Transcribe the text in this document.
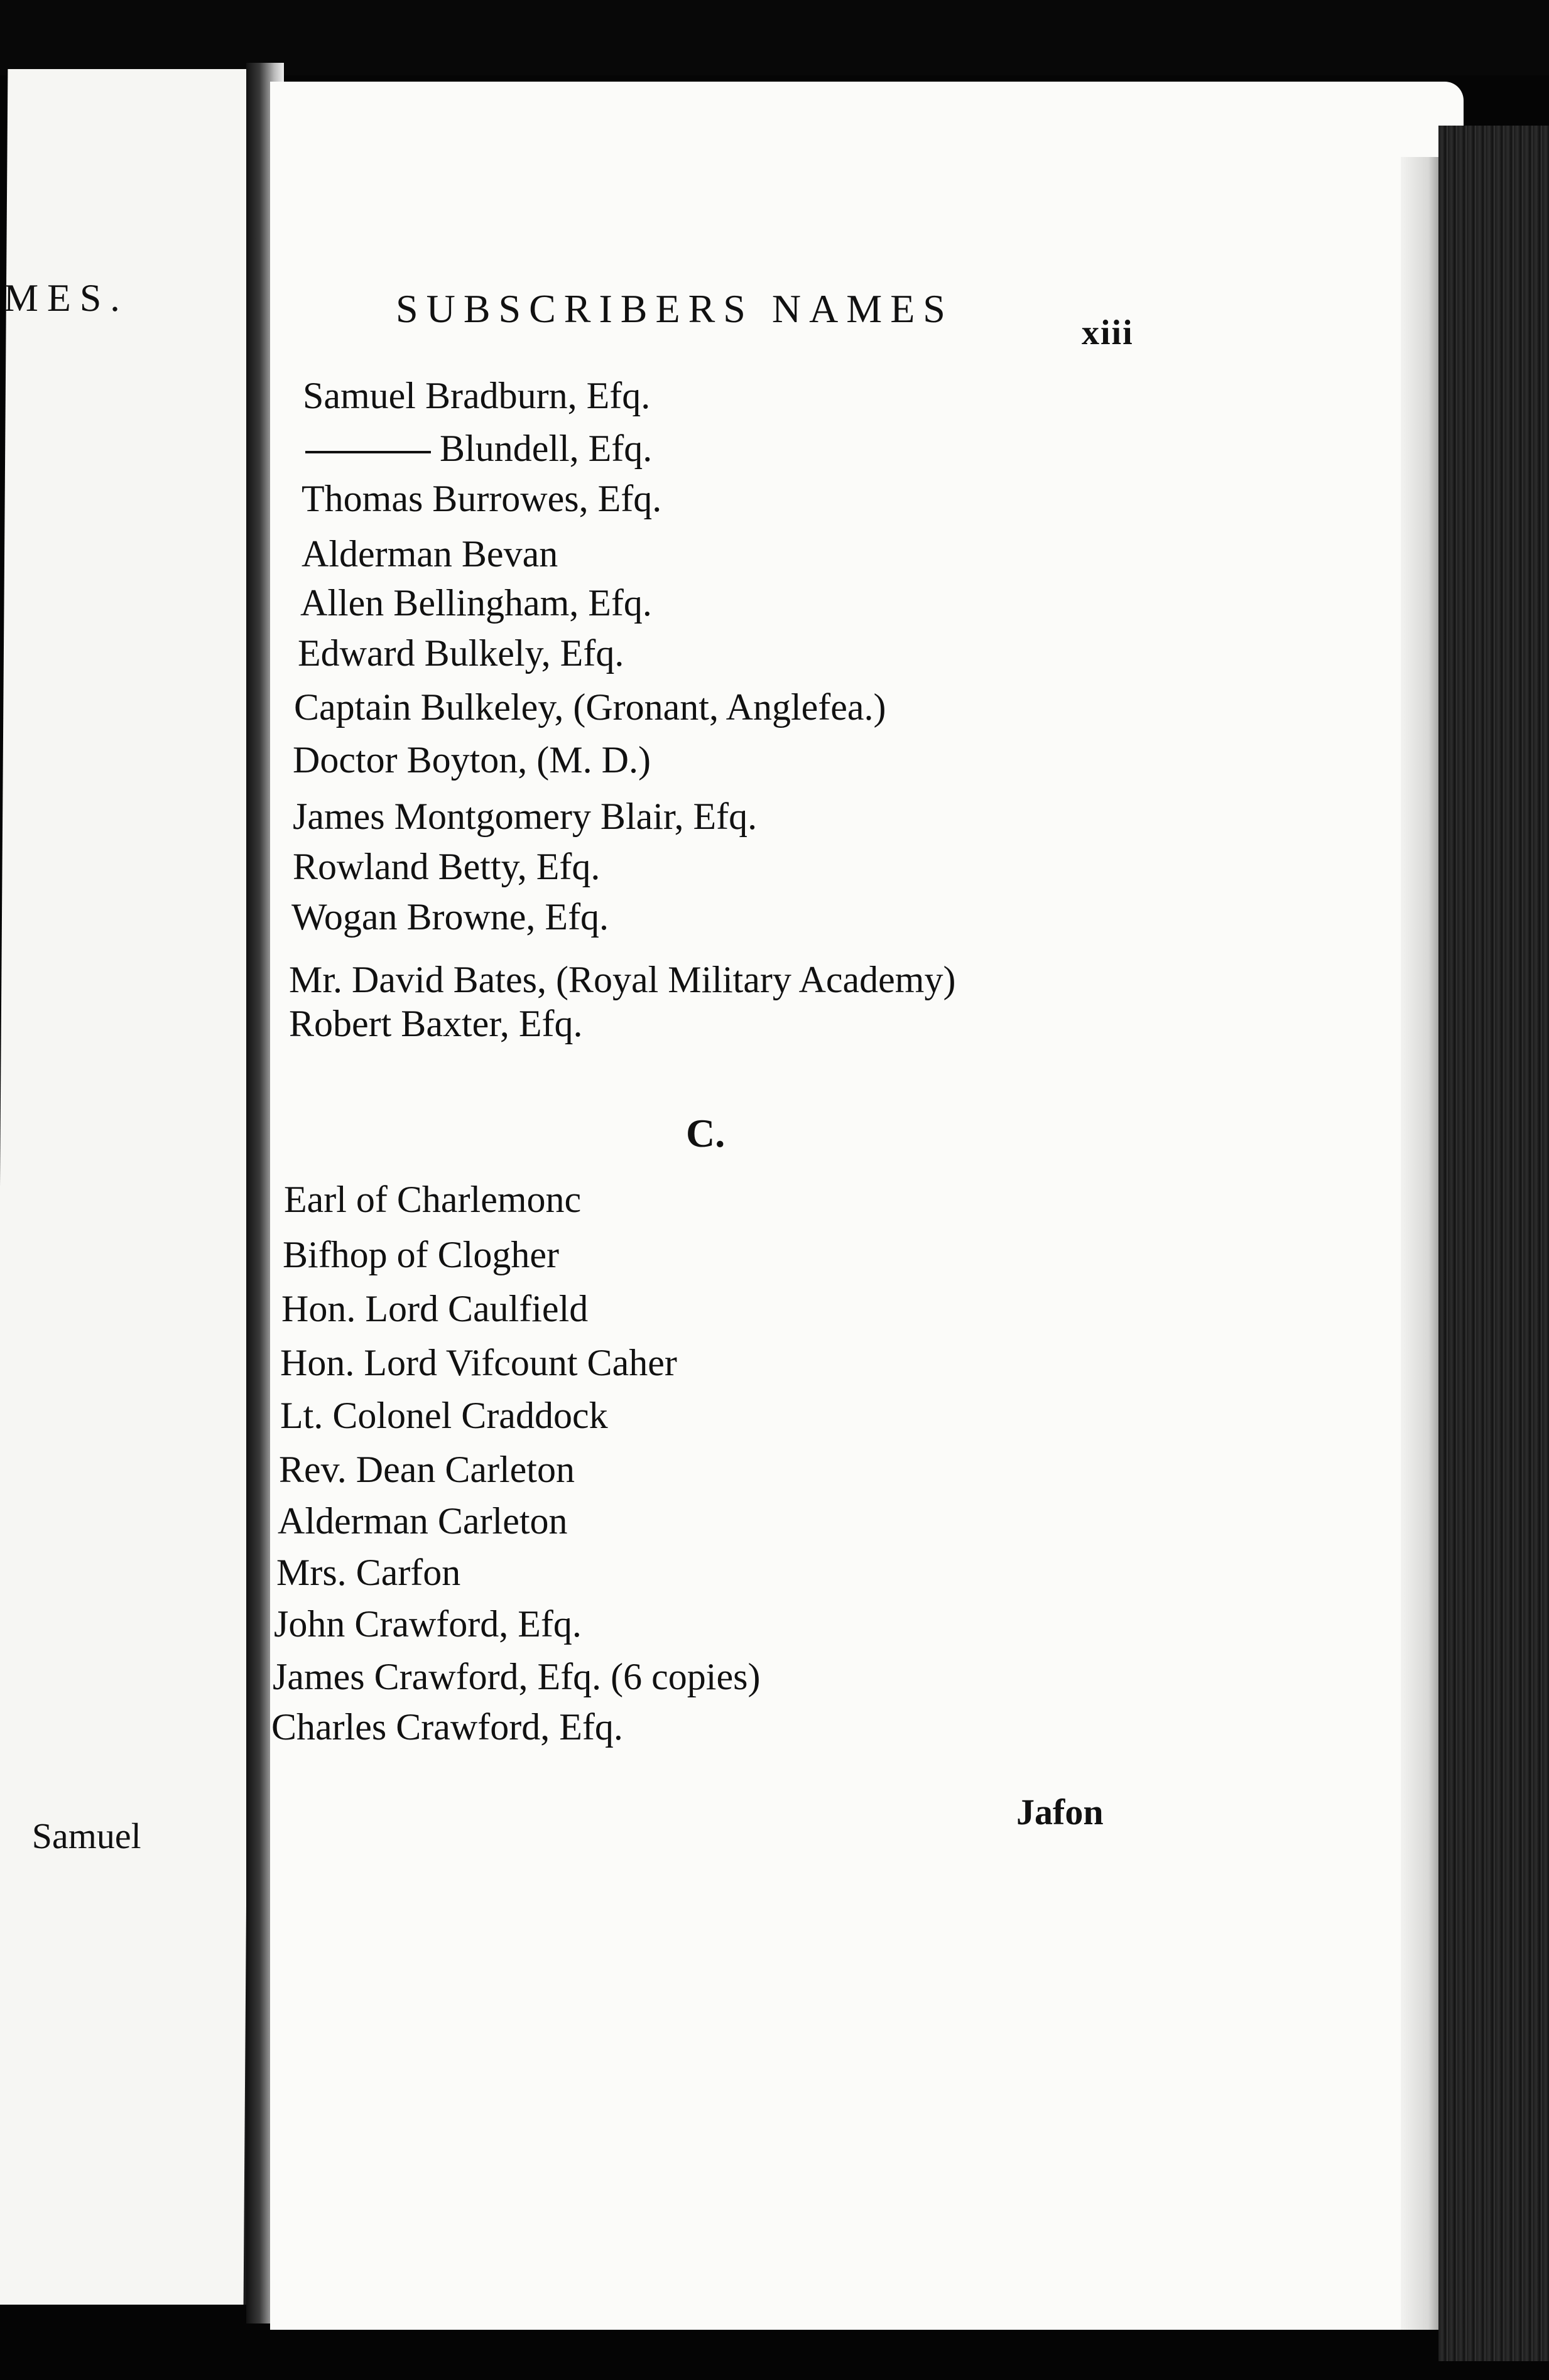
MES.
Samuel
SUBSCRIBERS NAMES
xiii
Samuel Bradburn, Efq.
Blundell, Efq.
Thomas Burrowes, Efq.
Alderman Bevan
Allen Bellingham, Efq.
Edward Bulkely, Efq.
Captain Bulkeley, (Gronant, Anglefea.)
Doctor Boyton, (M. D.)
James Montgomery Blair, Efq.
Rowland Betty, Efq.
Wogan Browne, Efq.
Mr. David Bates, (Royal Military Academy)
Robert Baxter, Efq.
C.
Earl of Charlemonc
Bifhop of Clogher
Hon. Lord Caulfield
Hon. Lord Vifcount Caher
Lt. Colonel Craddock
Rev. Dean Carleton
Alderman Carleton
Mrs. Carfon
John Crawford, Efq.
James Crawford, Efq. (6 copies)
Charles Crawford, Efq.
Jafon
